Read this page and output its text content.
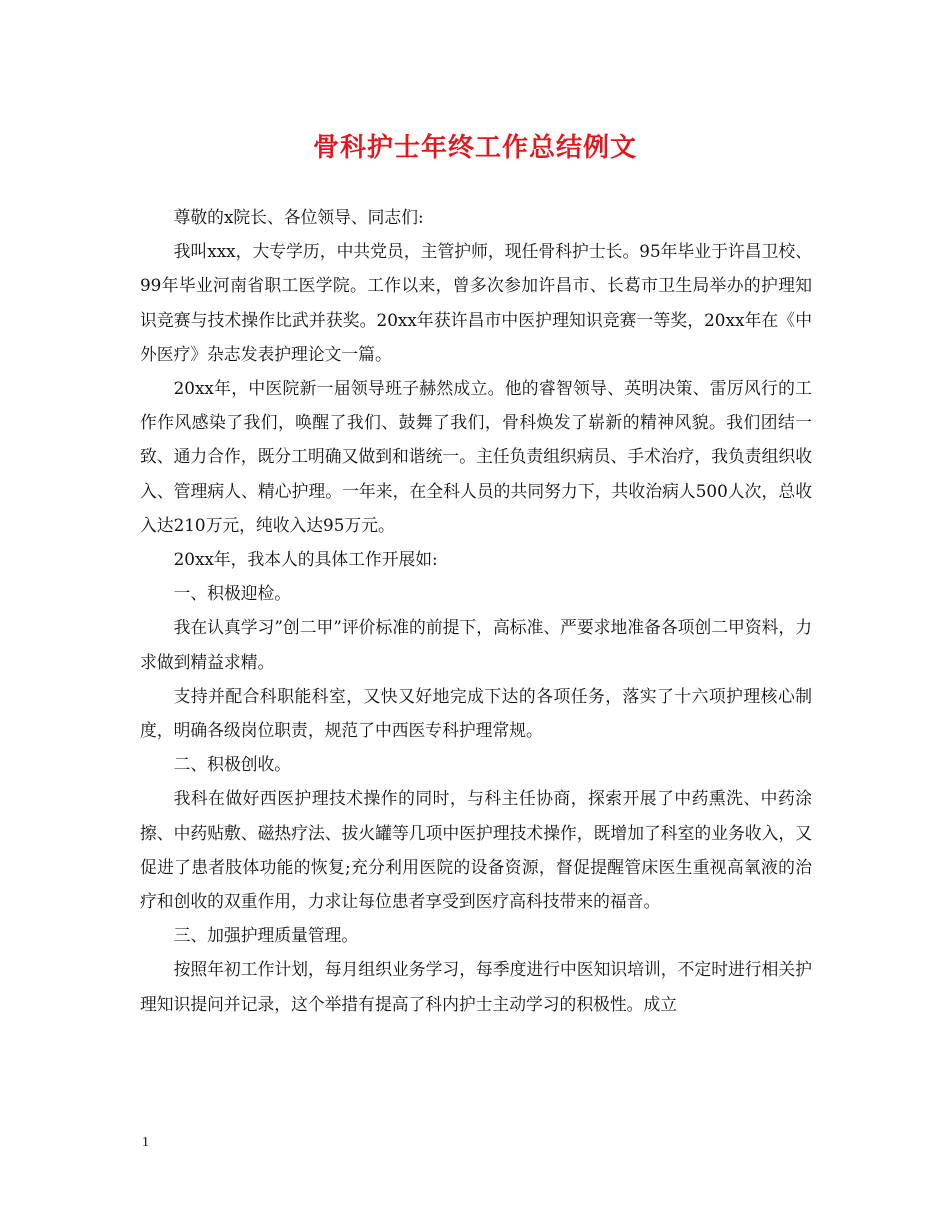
骨科护士年终工作总结例文

尊敬的x院长、各位领导、同志们:

我叫xxx，大专学历，中共党员，主管护师，现任骨科护士长。95年毕业于许昌卫校、99年毕业河南省职工医学院。工作以来，曾多次参加许昌市、长葛市卫生局举办的护理知识竞赛与技术操作比武并获奖。20xx年获许昌市中医护理知识竞赛一等奖，20xx年在《中外医疗》杂志发表护理论文一篇。

20xx年，中医院新一届领导班子赫然成立。他的睿智领导、英明决策、雷厉风行的工作作风感染了我们，唤醒了我们、鼓舞了我们，骨科焕发了崭新的精神风貌。我们团结一致、通力合作，既分工明确又做到和谐统一。主任负责组织病员、手术治疗，我负责组织收入、管理病人、精心护理。一年来，在全科人员的共同努力下，共收治病人500人次，总收入达210万元，纯收入达95万元。

20xx年，我本人的具体工作开展如:

一、积极迎检。

我在认真学习”创二甲”评价标准的前提下，高标准、严要求地准备各项创二甲资料，力求做到精益求精。

支持并配合科职能科室，又快又好地完成下达的各项任务，落实了十六项护理核心制度，明确各级岗位职责，规范了中西医专科护理常规。

二、积极创收。

我科在做好西医护理技术操作的同时，与科主任协商，探索开展了中药熏洗、中药涂擦、中药贴敷、磁热疗法、拔火罐等几项中医护理技术操作，既增加了科室的业务收入，又促进了患者肢体功能的恢复;充分利用医院的设备资源，督促提醒管床医生重视高氧液的治疗和创收的双重作用，力求让每位患者享受到医疗高科技带来的福音。

三、加强护理质量管理。

按照年初工作计划，每月组织业务学习，每季度进行中医知识培训，不定时进行相关护理知识提问并记录，这个举措有提高了科内护士主动学习的积极性。成立

1
